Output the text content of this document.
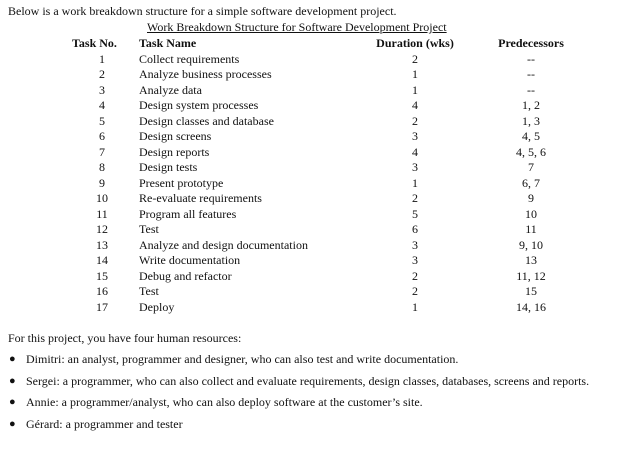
Below is a work breakdown structure for a simple software development project.
Work Breakdown Structure for Software Development Project
Task No.	Task Name	Duration (wks)	Predecessors
1	Collect requirements	2	--
2	Analyze business processes	1	--
3	Analyze data	1	--
4	Design system processes	4	1, 2
5	Design classes and database	2	1, 3
6	Design screens	3	4, 5
7	Design reports	4	4, 5, 6
8	Design tests	3	7
9	Present prototype	1	6, 7
10	Re-evaluate requirements	2	9
11	Program all features	5	10
12	Test	6	11
13	Analyze and design documentation	3	9, 10
14	Write documentation	3	13
15	Debug and refactor	2	11, 12
16	Test	2	15
17	Deploy	1	14, 16
For this project, you have four human resources:
● Dimitri: an analyst, programmer and designer, who can also test and write documentation.
● Sergei: a programmer, who can also collect and evaluate requirements, design classes, databases, screens and reports.
● Annie: a programmer/analyst, who can also deploy software at the customer’s site.
● Gérard: a programmer and tester
